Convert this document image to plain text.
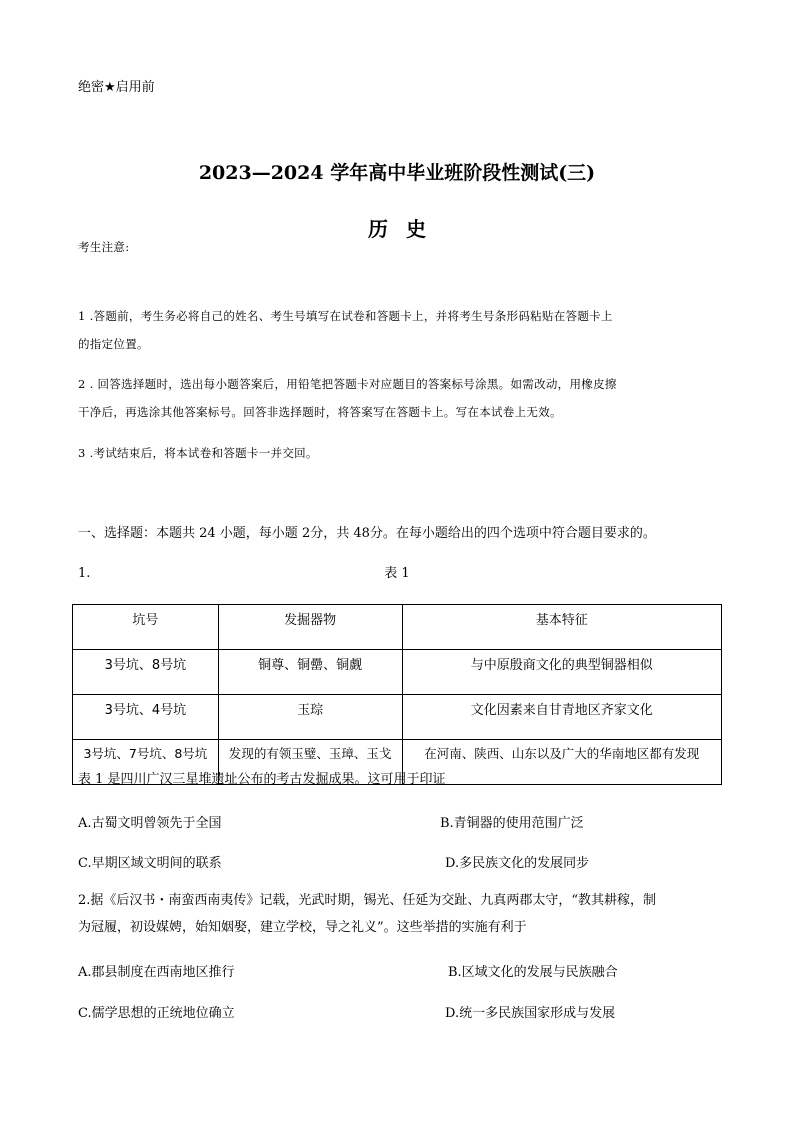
绝密★启用前
2023—2024 学年高中毕业班阶段性测试(三)
历史
考生注意:
1 .答题前，考生务必将自己的姓名、考生号填写在试卷和答题卡上，并将考生号条形码粘贴在答题卡上
的指定位置。
2 . 回答选择题时，选出每小题答案后，用铅笔把答题卡对应题目的答案标号涂黑。如需改动，用橡皮擦
干净后，再选涂其他答案标号。回答非选择题时，将答案写在答题卡上。写在本试卷上无效。
3 .考试结束后，将本试卷和答题卡一并交回。
一、选择题：本题共 24 小题，每小题 2分，共 48分。在每小题给出的四个选项中符合题目要求的。
1.	表 1
坑号	发掘器物	基本特征
3号坑、8号坑	铜尊、铜罍、铜觑	与中原殷商文化的典型铜器相似
3号坑、4号坑	玉琮	文化因素来自甘青地区齐家文化
3号坑、7号坑、8号坑	发现的有领玉璧、玉璋、玉戈	在河南、陕西、山东以及广大的华南地区都有发现
表 1 是四川广汉三星堆遗址公布的考古发掘成果。这可用于印证
A.古蜀文明曾领先于全国	B.青铜器的使用范围广泛
C.早期区域文明间的联系	D.多民族文化的发展同步
2.据《后汉书・南蛮西南夷传》记载，光武时期，锡光、任延为交趾、九真两郡太守，“教其耕稼，制
为冠履，初设媒娉，始知姻娶，建立学校，导之礼义”。这些举措的实施有利于
A.郡县制度在西南地区推行	B.区域文化的发展与民族融合
C.儒学思想的正统地位确立	D.统一多民族国家形成与发展
